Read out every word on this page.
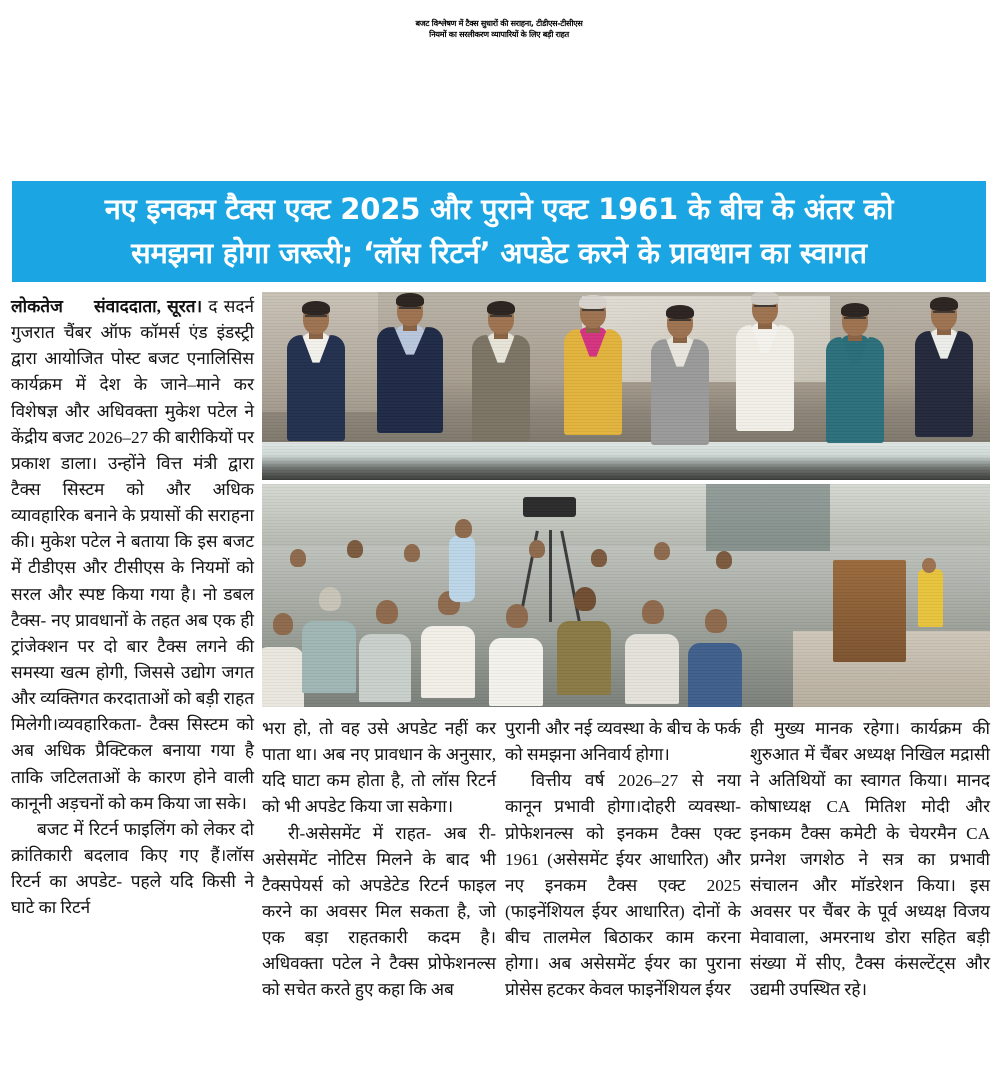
बजट विश्लेषण में टैक्स सुधारों की सराहना, टीडीएस-टीसीएस
नियमों का सरलीकरण व्यापारियों के लिए बड़ी राहत
नए इनकम टैक्स एक्ट 2025 और पुराने एक्ट 1961 के बीच के अंतर को
समझना होगा जरूरी; ‘लॉस रिटर्न’ अपडेट करने के प्रावधान का स्वागत

लोकतेज संवाददाता, सूरत। द सदर्न गुजरात चैंबर ऑफ कॉमर्स एंड इंडस्ट्री द्वारा आयोजित पोस्ट बजट एनालिसिस कार्यक्रम में देश के जाने–माने कर विशेषज्ञ और अधिवक्ता मुकेश पटेल ने केंद्रीय बजट 2026–27 की बारीकियों पर प्रकाश डाला। उन्होंने वित्त मंत्री द्वारा टैक्स सिस्टम को और अधिक व्यावहारिक बनाने के प्रयासों की सराहना की। मुकेश पटेल ने बताया कि इस बजट में टीडीएस और टीसीएस के नियमों को सरल और स्पष्ट किया गया है। नो डबल टैक्स- नए प्रावधानों के तहत अब एक ही ट्रांजेक्शन पर दो बार टैक्स लगने की समस्या खत्म होगी, जिससे उद्योग जगत और व्यक्तिगत करदाताओं को बड़ी राहत मिलेगी।व्यवहारिकता- टैक्स सिस्टम को अब अधिक प्रैक्टिकल बनाया गया है ताकि जटिलताओं के कारण होने वाली कानूनी अड़चनों को कम किया जा सके।

बजट में रिटर्न फाइलिंग को लेकर दो क्रांतिकारी बदलाव किए गए हैं।लॉस रिटर्न का अपडेट- पहले यदि किसी ने घाटे का रिटर्न

भरा हो, तो वह उसे अपडेट नहीं कर पाता था। अब नए प्रावधान के अनुसार, यदि घाटा कम होता है, तो लॉस रिटर्न को भी अपडेट किया जा सकेगा।

री-असेसमेंट में राहत- अब री-असेसमेंट नोटिस मिलने के बाद भी टैक्सपेयर्स को अपडेटेड रिटर्न फाइल करने का अवसर मिल सकता है, जो एक बड़ा राहतकारी कदम है। अधिवक्ता पटेल ने टैक्स प्रोफेशनल्स को सचेत करते हुए कहा कि अब

पुरानी और नई व्यवस्था के बीच के फर्क को समझना अनिवार्य होगा।

वित्तीय वर्ष 2026–27 से नया कानून प्रभावी होगा।दोहरी व्यवस्था- प्रोफेशनल्स को इनकम टैक्स एक्ट 1961 (असेसमेंट ईयर आधारित) और नए इनकम टैक्स एक्ट 2025 (फाइनेंशियल ईयर आधारित) दोनों के बीच तालमेल बिठाकर काम करना होगा। अब असेसमेंट ईयर का पुराना प्रोसेस हटकर केवल फाइनेंशियल ईयर

ही मुख्य मानक रहेगा। कार्यक्रम की शुरुआत में चैंबर अध्यक्ष निखिल मद्रासी ने अतिथियों का स्वागत किया। मानद कोषाध्यक्ष CA मितिश मोदी और इनकम टैक्स कमेटी के चेयरमैन CA प्रग्नेश जगशेठ ने सत्र का प्रभावी संचालन और मॉडरेशन किया। इस अवसर पर चैंबर के पूर्व अध्यक्ष विजय मेवावाला, अमरनाथ डोरा सहित बड़ी संख्या में सीए, टैक्स कंसल्टेंट्स और उद्यमी उपस्थित रहे।
